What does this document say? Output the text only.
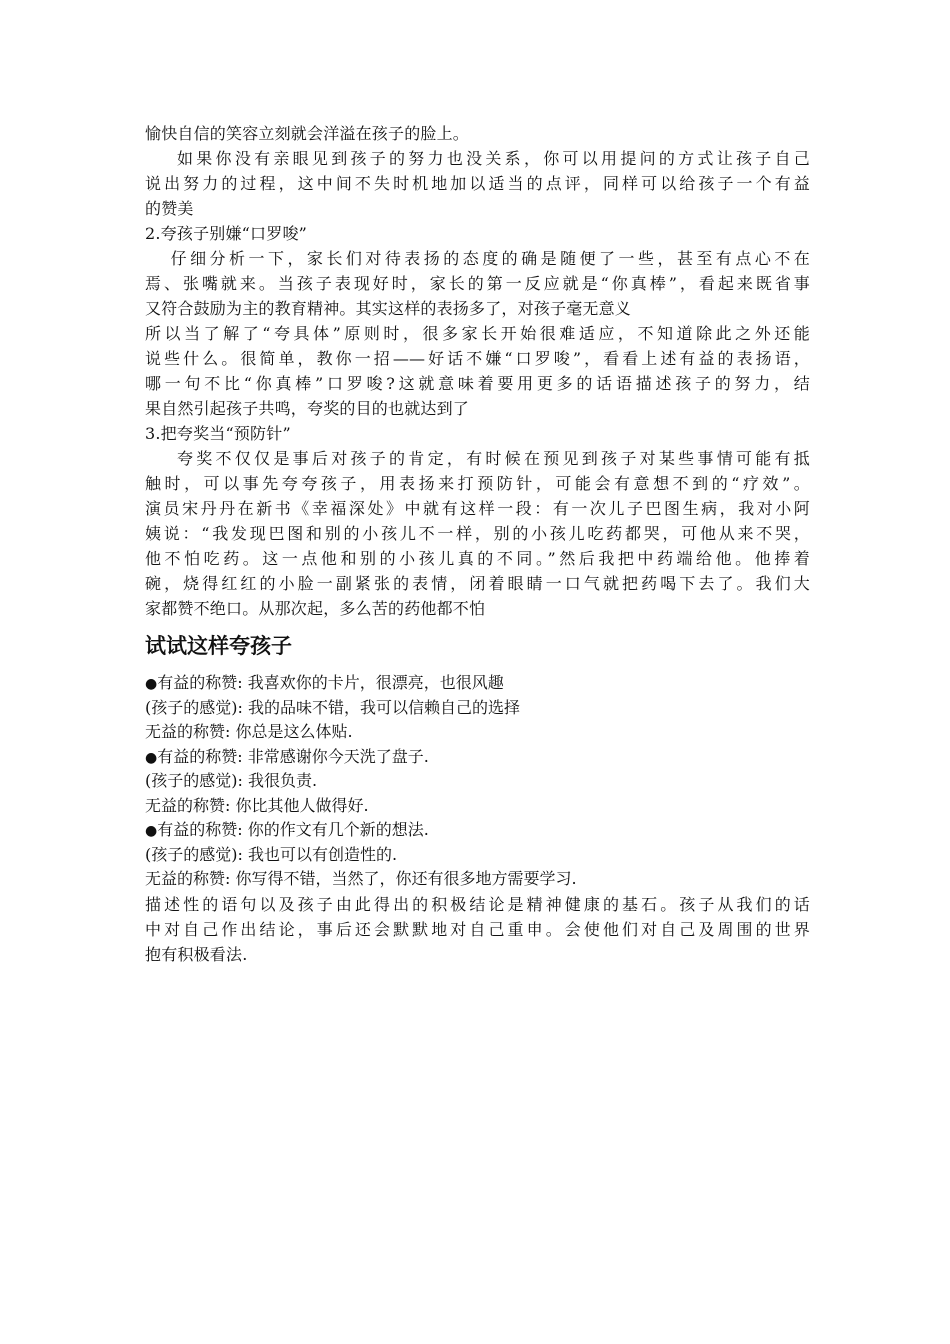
愉快自信的笑容立刻就会洋溢在孩子的脸上。
如果你没有亲眼见到孩子的努力也没关系，你可以用提问的方式让孩子自己
说出努力的过程，这中间不失时机地加以适当的点评，同样可以给孩子一个有益
的赞美
2.夸孩子别嫌“口罗唆”
仔细分析一下，家长们对待表扬的态度的确是随便了一些，甚至有点心不在
焉、张嘴就来。当孩子表现好时，家长的第一反应就是“你真棒”，看起来既省事
又符合鼓励为主的教育精神。其实这样的表扬多了，对孩子毫无意义
所以当了解了“夸具体”原则时，很多家长开始很难适应，不知道除此之外还能
说些什么。很简单，教你一招——好话不嫌“口罗唆”，看看上述有益的表扬语，
哪一句不比“你真棒”口罗唆?这就意味着要用更多的话语描述孩子的努力，结
果自然引起孩子共鸣，夸奖的目的也就达到了
3.把夸奖当“预防针”
夸奖不仅仅是事后对孩子的肯定，有时候在预见到孩子对某些事情可能有抵
触时，可以事先夸夸孩子，用表扬来打预防针，可能会有意想不到的“疗效”。
演员宋丹丹在新书《幸福深处》中就有这样一段：有一次儿子巴图生病，我对小阿
姨说：“我发现巴图和别的小孩儿不一样，别的小孩儿吃药都哭，可他从来不哭，
他不怕吃药。这一点他和别的小孩儿真的不同。”然后我把中药端给他。他捧着
碗，烧得红红的小脸一副紧张的表情，闭着眼睛一口气就把药喝下去了。我们大
家都赞不绝口。从那次起，多么苦的药他都不怕
试试这样夸孩子
●有益的称赞: 我喜欢你的卡片，很漂亮，也很风趣
(孩子的感觉): 我的品味不错，我可以信赖自己的选择
无益的称赞: 你总是这么体贴.
●有益的称赞: 非常感谢你今天洗了盘子.
(孩子的感觉): 我很负责.
无益的称赞: 你比其他人做得好.
●有益的称赞: 你的作文有几个新的想法.
(孩子的感觉): 我也可以有创造性的.
无益的称赞: 你写得不错，当然了，你还有很多地方需要学习.
描述性的语句以及孩子由此得出的积极结论是精神健康的基石。孩子从我们的话
中对自己作出结论，事后还会默默地对自己重申。会使他们对自己及周围的世界
抱有积极看法.
